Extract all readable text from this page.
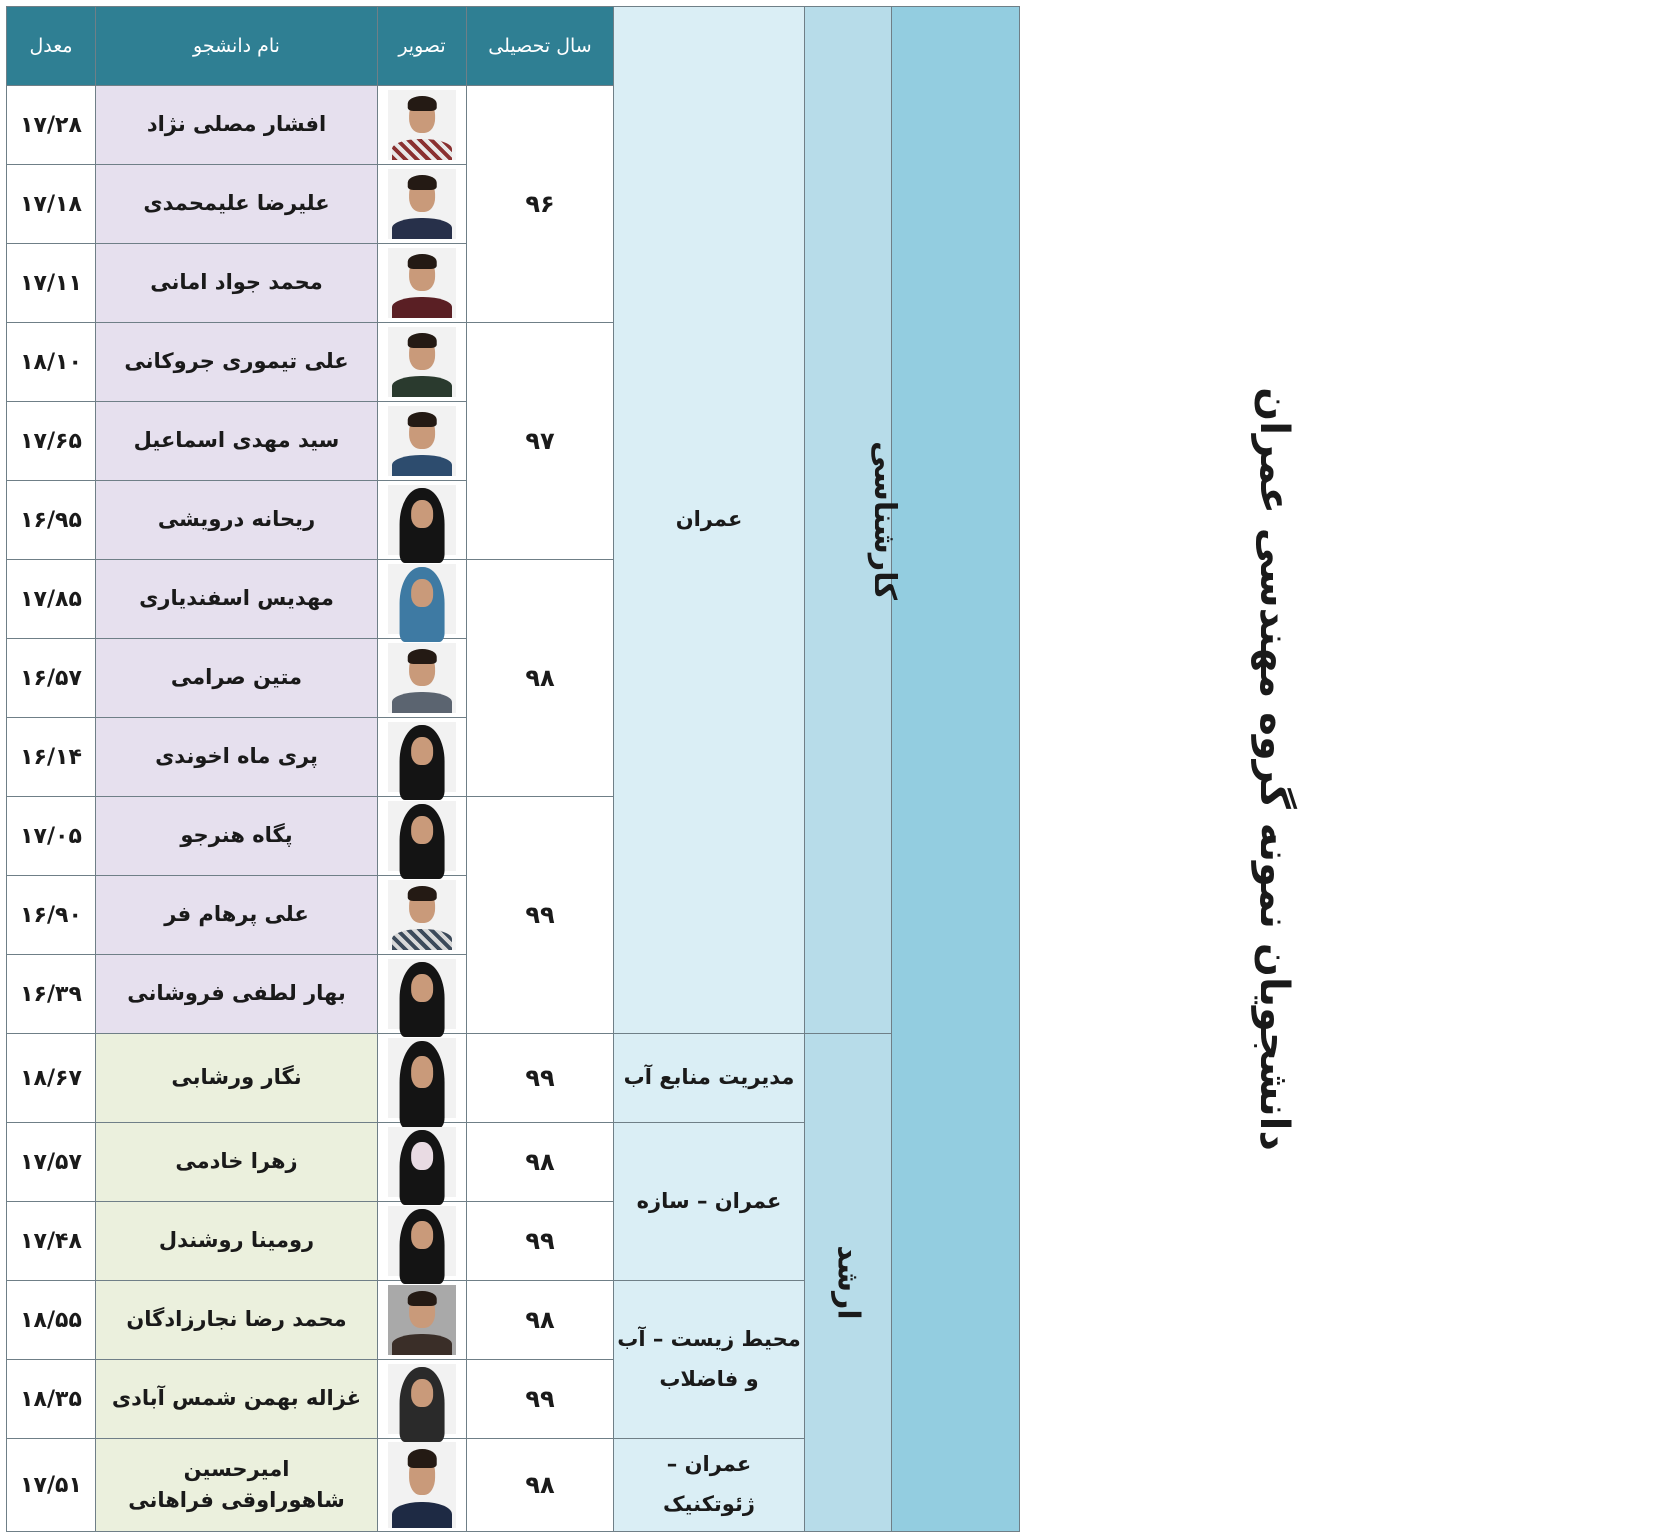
معدل	نام دانشجو	تصویر	سال تحصیلی	عمران	کارشناسی	دانشجویان نمونه گروه مهندسی عمران
۱۷/۲۸	افشار مصلی نژاد		۹۶			
۱۷/۱۸	علیرضا علیمحمدی					

۱۷/۱۱	محمد جواد امانی					

۱۸/۱۰	علی تیموری جروکانی		۹۷			
۱۷/۶۵	سید مهدی اسماعیل					

۱۶/۹۵	ریحانه درویشی					

۱۷/۸۵	مهدیس اسفندیاری		۹۸			
۱۶/۵۷	متین صرامی					

۱۶/۱۴	پری ماه اخوندی					

۱۷/۰۵	پگاه هنرجو		۹۹			
۱۶/۹۰	علی پرهام فر					

۱۶/۳۹	بهار لطفی فروشانی					

۱۸/۶۷	نگار ورشابی		۹۹	مدیریت منابع آب	ارشد	
۱۷/۵۷	زهرا خادمی		۹۸	عمران – سازه		
۱۷/۴۸	رومینا روشندل		۹۹			
۱۸/۵۵	محمد رضا نجارزادگان		۹۸	محیط زیست – آب و فاضلاب		
۱۸/۳۵	غزاله بهمن شمس آبادی		۹۹			
۱۷/۵۱	امیرحسین شاهوراوقی فراهانی		۹۸	عمران – ژئوتکنیک		
